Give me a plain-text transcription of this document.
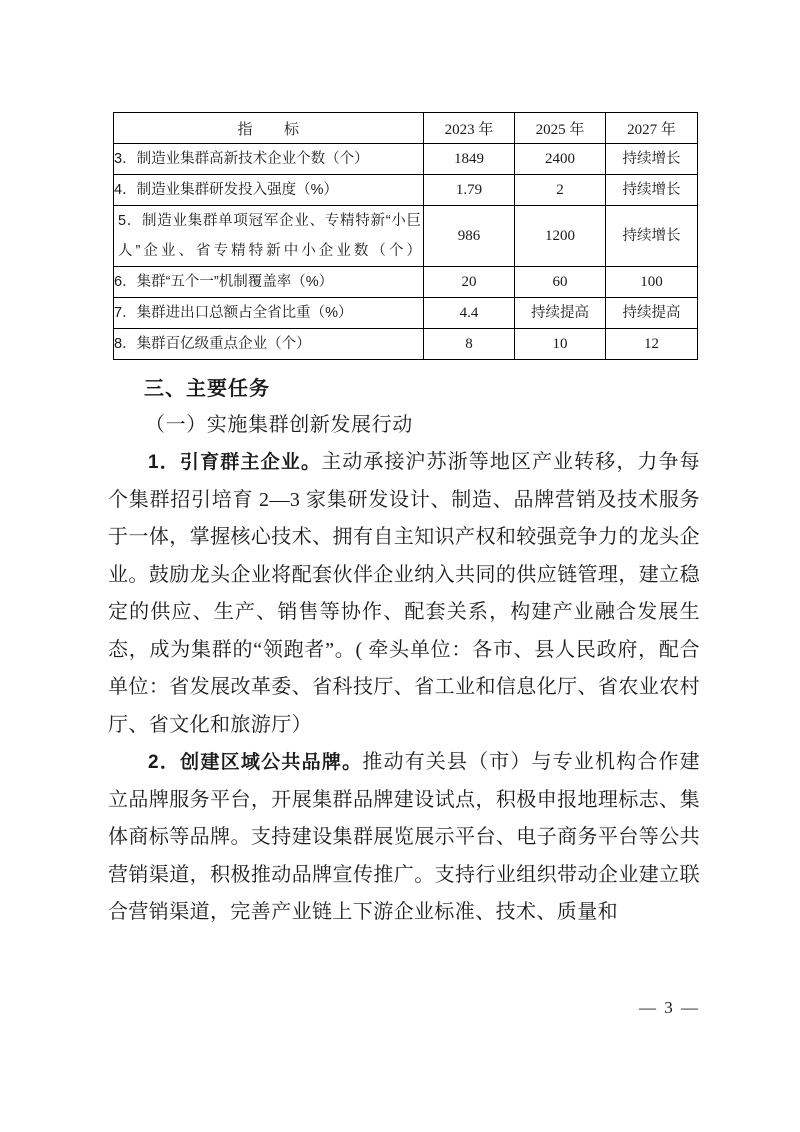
指　　标	2023 年	2025 年	2027 年
3．制造业集群高新技术企业个数（个）	1849	2400	持续增长
4．制造业集群研发投入强度（%）	1.79	2	持续增长
5．制造业集群单项冠军企业、专精特新“小巨人”企业、省专精特新中小企业数（个）	986	1200	持续增长
6．集群“五个一”机制覆盖率（%）	20	60	100
7．集群进出口总额占全省比重（%）	4.4	持续提高	持续提高
8．集群百亿级重点企业（个）	8	10	12
三、主要任务
（一）实施集群创新发展行动

1．引育群主企业。主动承接沪苏浙等地区产业转移，力争每个集群招引培育 2—3 家集研发设计、制造、品牌营销及技术服务于一体，掌握核心技术、拥有自主知识产权和较强竞争力的龙头企业。鼓励龙头企业将配套伙伴企业纳入共同的供应链管理，建立稳定的供应、生产、销售等协作、配套关系，构建产业融合发展生态，成为集群的“领跑者”。( 牵头单位：各市、县人民政府，配合单位：省发展改革委、省科技厅、省工业和信息化厅、省农业农村厅、省文化和旅游厅）

2．创建区域公共品牌。推动有关县（市）与专业机构合作建立品牌服务平台，开展集群品牌建设试点，积极申报地理标志、集体商标等品牌。支持建设集群展览展示平台、电子商务平台等公共营销渠道，积极推动品牌宣传推广。支持行业组织带动企业建立联合营销渠道，完善产业链上下游企业标准、技术、质量和

— 3 —
